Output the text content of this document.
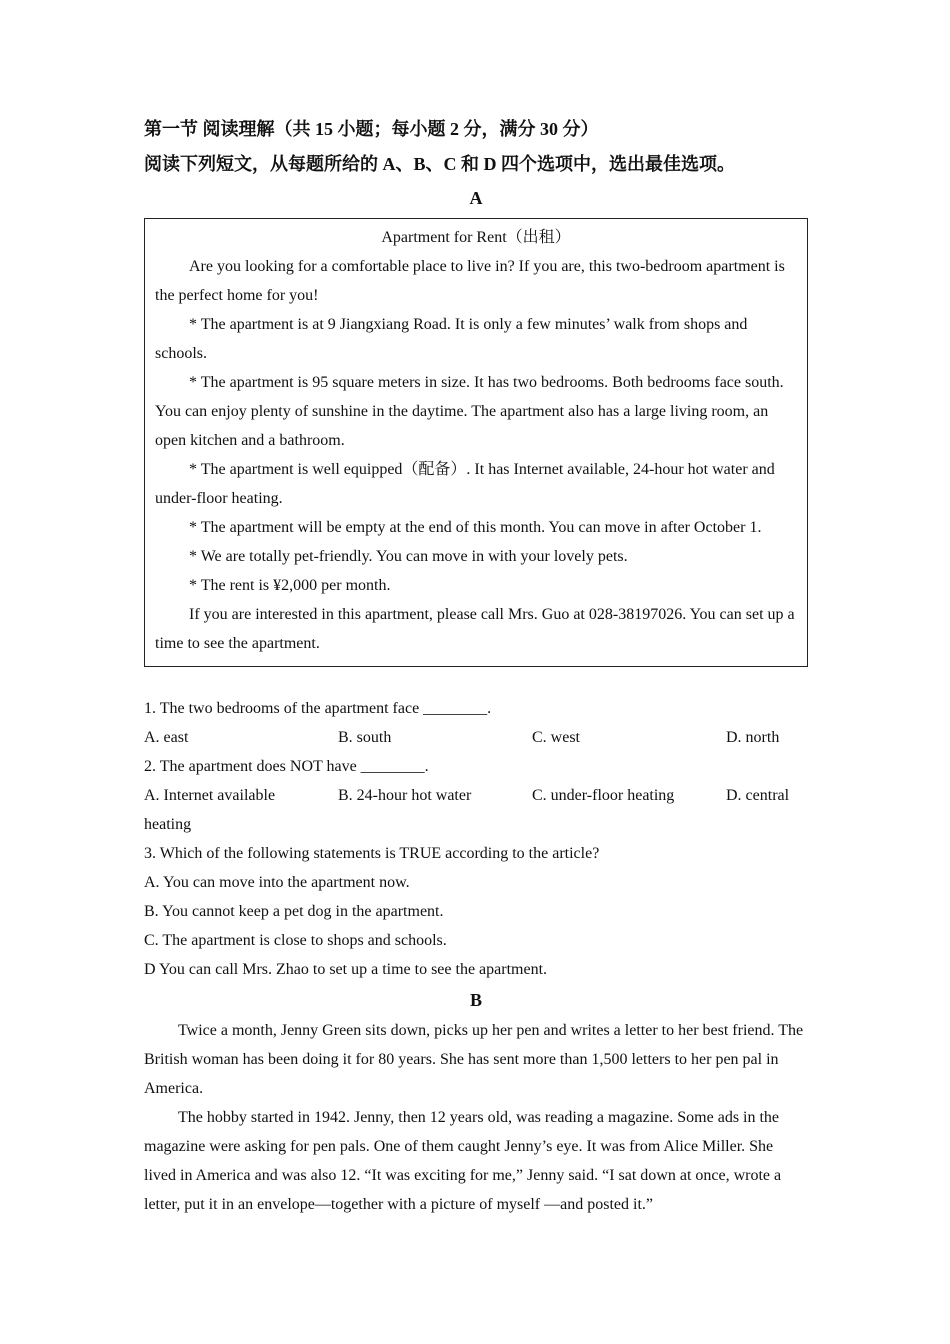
第一节 阅读理解（共 15 小题；每小题 2 分，满分 30 分）
阅读下列短文，从每题所给的 A、B、C 和 D 四个选项中，选出最佳选项。
A
Apartment for Rent（出租）

Are you looking for a comfortable place to live in? If you are, this two-bedroom apartment is the perfect home for you!

* The apartment is at 9 Jiangxiang Road. It is only a few minutes’ walk from shops and schools.

* The apartment is 95 square meters in size. It has two bedrooms. Both bedrooms face south. You can enjoy plenty of sunshine in the daytime. The apartment also has a large living room, an open kitchen and a bathroom.

* The apartment is well equipped（配备）. It has Internet available, 24-hour hot water and under-floor heating.

* The apartment will be empty at the end of this month. You can move in after October 1.

* We are totally pet-friendly. You can move in with your lovely pets.

* The rent is ¥2,000 per month.

If you are interested in this apartment, please call Mrs. Guo at 028-38197026. You can set up a time to see the apartment.

1. The two bedrooms of the apartment face ________.

A. east	B. south	C. west	D. north

2. The apartment does NOT have ________.

A. Internet available	B. 24-hour hot water	C. under-floor heating	D. central heating

3. Which of the following statements is TRUE according to the article?

A. You can move into the apartment now.

B. You cannot keep a pet dog in the apartment.

C. The apartment is close to shops and schools.

D You can call Mrs. Zhao to set up a time to see the apartment.

B

Twice a month, Jenny Green sits down, picks up her pen and writes a letter to her best friend. The British woman has been doing it for 80 years. She has sent more than 1,500 letters to her pen pal in America.

The hobby started in 1942. Jenny, then 12 years old, was reading a magazine. Some ads in the magazine were asking for pen pals. One of them caught Jenny’s eye. It was from Alice Miller. She lived in America and was also 12. “It was exciting for me,” Jenny said. “I sat down at once, wrote a letter, put it in an envelope—together with a picture of myself —and posted it.”
